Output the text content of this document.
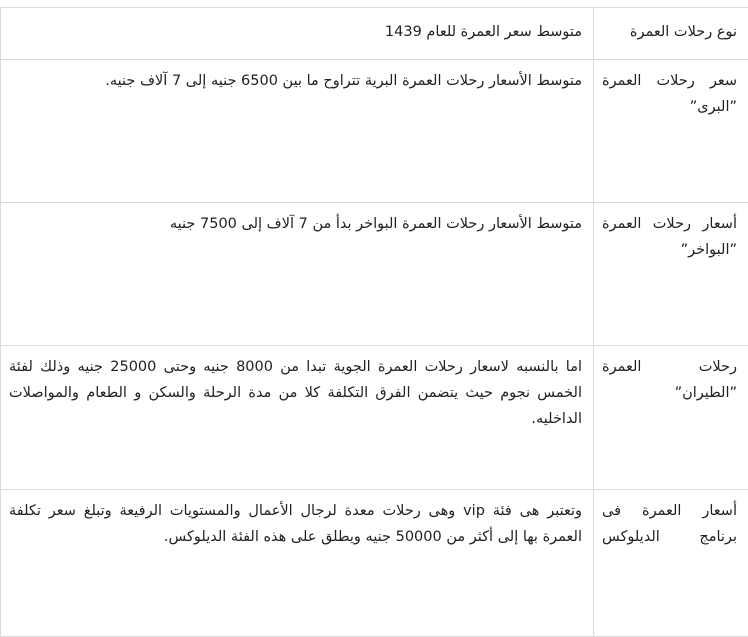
نوع رحلات العمرة	متوسط سعر العمرة للعام 1439

سعر رحلات العمرة ”البرى”	متوسط الأسعار رحلات العمرة البرية تتراوح ما بين 6500 جنيه إلى 7 آلاف جنيه.

أسعار رحلات العمرة ”البواخر”	متوسط الأسعار رحلات العمرة البواخر بدأ من 7 آلاف إلى 7500 جنيه

رحلات العمرة ”الطيران”	اما بالنسبه لاسعار رحلات العمرة الجوية تبدا من 8000 جنيه وحتى 25000 جنيه وذلك لفئة الخمس نجوم حيث يتضمن الفرق التكلفة كلا من مدة الرحلة والسكن و الطعام والمواصلات الداخليه.

أسعار العمرة فى برنامج الديلوكس	وتعتبر هى فئة vip وهى رحلات معدة لرجال الأعمال والمستويات الرفيعة وتبلغ سعر تكلفة العمرة بها إلى أكثر من 50000 جنيه ويطلق على هذه الفئة الديلوكس.
